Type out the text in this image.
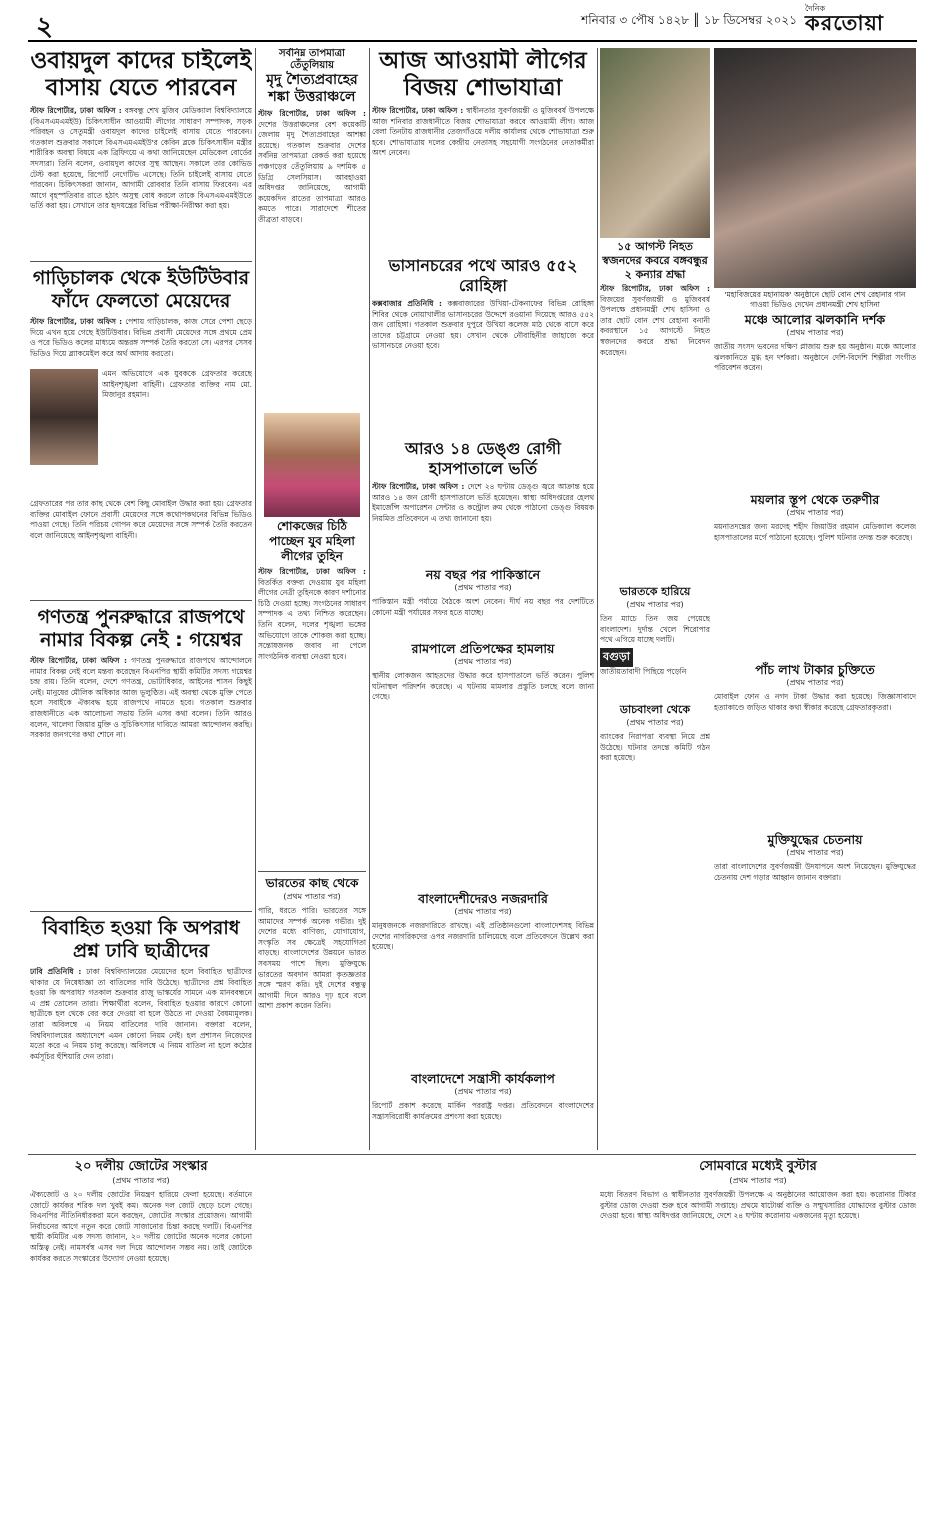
২	শনিবার ৩ পৌষ ১৪২৮ ║ ১৮ ডিসেম্বর ২০২১
দৈনিক
করতোয়া
ওবায়দুল কাদের চাইলেই বাসায় যেতে পারবেন

স্টাফ রিপোর্টার, ঢাকা অফিস : বঙ্গবন্ধু শেখ মুজিব মেডিক্যাল বিশ্ববিদ্যালয়ে (বিএসএমএমইউ) চিকিৎসাধীন আওয়ামী লীগের সাধারণ সম্পাদক, সড়ক পরিবহন ও সেতুমন্ত্রী ওবায়দুল কাদের চাইলেই বাসায় যেতে পারবেন। গতকাল শুক্রবার সকালে বিএসএমএমইউ'র কেবিন ব্লকে চিকিৎসাধীন মন্ত্রীর শারীরিক অবস্থা বিষয়ে এক ব্রিফিংয়ে এ কথা জানিয়েছেন মেডিকেল বোর্ডের সদস্যরা। তিনি বলেন, ওবায়দুল কাদের সুস্থ আছেন। সকালে তার কোভিড টেস্ট করা হয়েছে, রিপোর্ট নেগেটিভ এসেছে। তিনি চাইলেই বাসায় যেতে পারবেন। চিকিৎসকরা জানান, আগামী রোববার তিনি বাসায় ফিরবেন। এর আগে বৃহস্পতিবার রাতে হঠাৎ অসুস্থ বোধ করলে তাকে বিএসএমএমইউতে ভর্তি করা হয়। সেখানে তার হৃদযন্ত্রের বিভিন্ন পরীক্ষা-নিরীক্ষা করা হয়।

গাড়িচালক থেকে ইউটিউবার ফাঁদে ফেলতো মেয়েদের

স্টাফ রিপোর্টার, ঢাকা অফিস : পেশায় গাড়িচালক, কাজ সেরে পেশা ছেড়ে দিয়ে এখন হয়ে গেছে ইউটিউবার। বিভিন্ন প্রবাসী মেয়েদের সঙ্গে প্রথমে প্রেম ও পরে ভিডিও কলের মাধ্যমে অন্তরঙ্গ সম্পর্ক তৈরি করতো সে। এরপর সেসব ভিডিও দিয়ে ব্ল্যাকমেইল করে অর্থ আদায় করতো।

এমন অভিযোগে এক যুবককে গ্রেফতার করেছে আইনশৃঙ্খলা বাহিনী। গ্রেফতার ব্যক্তির নাম মো. মিজানুর রহমান।

গ্রেফতারের পর তার কাছ থেকে বেশ কিছু মোবাইল উদ্ধার করা হয়। গ্রেফতার ব্যক্তির মোবাইল ফোনে প্রবাসী মেয়েদের সঙ্গে কথোপকথনের বিভিন্ন ভিডিও পাওয়া গেছে। তিনি পরিচয় গোপন করে মেয়েদের সঙ্গে সম্পর্ক তৈরি করতেন বলে জানিয়েছে আইনশৃঙ্খলা বাহিনী।

গণতন্ত্র পুনরুদ্ধারে রাজপথে নামার বিকল্প নেই : গয়েশ্বর

স্টাফ রিপোর্টার, ঢাকা অফিস : গণতন্ত্র পুনরুদ্ধারে রাজপথে আন্দোলনে নামার বিকল্প নেই বলে মন্তব্য করেছেন বিএনপির স্থায়ী কমিটির সদস্য গয়েশ্বর চন্দ্র রায়। তিনি বলেন, দেশে গণতন্ত্র, ভোটাধিকার, আইনের শাসন কিছুই নেই। মানুষের মৌলিক অধিকার আজ ভূলুণ্ঠিত। এই অবস্থা থেকে মুক্তি পেতে হলে সবাইকে ঐক্যবদ্ধ হয়ে রাজপথে নামতে হবে। গতকাল শুক্রবার রাজধানীতে এক আলোচনা সভায় তিনি এসব কথা বলেন। তিনি আরও বলেন, খালেদা জিয়ার মুক্তি ও সুচিকিৎসার দাবিতে আমরা আন্দোলন করছি। সরকার জনগণের কথা শোনে না।

বিবাহিত হওয়া কি অপরাধ প্রশ্ন ঢাবি ছাত্রীদের

ঢাবি প্রতিনিধি : ঢাকা বিশ্ববিদ্যালয়ের মেয়েদের হলে বিবাহিত ছাত্রীদের থাকার যে নিষেধাজ্ঞা তা বাতিলের দাবি উঠেছে। ছাত্রীদের প্রশ্ন বিবাহিত হওয়া কি অপরাধ? গতকাল শুক্রবার রাজু ভাস্কর্যের সামনে এক মানববন্ধনে এ প্রশ্ন তোলেন তারা। শিক্ষার্থীরা বলেন, বিবাহিত হওয়ার কারণে কোনো ছাত্রীকে হল থেকে বের করে দেওয়া বা হলে উঠতে না দেওয়া বৈষম্যমূলক। তারা অবিলম্বে এ নিয়ম বাতিলের দাবি জানান। বক্তারা বলেন, বিশ্ববিদ্যালয়ের অধ্যাদেশে এমন কোনো নিয়ম নেই। হল প্রশাসন নিজেদের মতো করে এ নিয়ম চালু করেছে। অবিলম্বে এ নিয়ম বাতিল না হলে কঠোর কর্মসূচির হুঁশিয়ারি দেন তারা।

সর্বনিম্ন তাপমাত্রা তেঁতুলিয়ায়
মৃদু শৈত্যপ্রবাহের শঙ্কা উত্তরাঞ্চলে

স্টাফ রিপোর্টার, ঢাকা অফিস : দেশের উত্তরাঞ্চলের বেশ কয়েকটি জেলায় মৃদু শৈত্যপ্রবাহের আশঙ্কা রয়েছে। গতকাল শুক্রবার দেশের সর্বনিম্ন তাপমাত্রা রেকর্ড করা হয়েছে পঞ্চগড়ের তেঁতুলিয়ায় ৯ দশমিক ৫ ডিগ্রি সেলসিয়াস। আবহাওয়া অধিদপ্তর জানিয়েছে, আগামী কয়েকদিন রাতের তাপমাত্রা আরও কমতে পারে। সারাদেশে শীতের তীব্রতা বাড়বে।

শোকজের চিঠি পাচ্ছেন যুব মহিলা লীগের তুহিন

স্টাফ রিপোর্টার, ঢাকা অফিস : বিতর্কিত বক্তব্য দেওয়ায় যুব মহিলা লীগের নেত্রী তুহিনকে কারণ দর্শানোর চিঠি দেওয়া হচ্ছে। সংগঠনের সাধারণ সম্পাদক এ তথ্য নিশ্চিত করেছেন। তিনি বলেন, দলের শৃঙ্খলা ভঙ্গের অভিযোগে তাকে শোকজ করা হচ্ছে। সন্তোষজনক জবাব না পেলে সাংগঠনিক ব্যবস্থা নেওয়া হবে।

ভারতের কাছ থেকে
(প্রথম পাতার পর)

পারি, ধরতে পারি। ভারতের সঙ্গে আমাদের সম্পর্ক অনেক গভীর। দুই দেশের মধ্যে বাণিজ্য, যোগাযোগ, সংস্কৃতি সব ক্ষেত্রেই সহযোগিতা বাড়ছে। বাংলাদেশের উন্নয়নে ভারত সবসময় পাশে ছিল। মুক্তিযুদ্ধে ভারতের অবদান আমরা কৃতজ্ঞতার সঙ্গে স্মরণ করি। দুই দেশের বন্ধুত্ব আগামী দিনে আরও দৃঢ় হবে বলে আশা প্রকাশ করেন তিনি।

আজ আওয়ামী লীগের বিজয় শোভাযাত্রা

স্টাফ রিপোর্টার, ঢাকা অফিস : স্বাধীনতার সুবর্ণজয়ন্তী ও মুজিববর্ষ উপলক্ষে আজ শনিবার রাজধানীতে বিজয় শোভাযাত্রা করবে আওয়ামী লীগ। আজ বেলা তিনটায় রাজধানীর তেজগাঁওয়ে দলীয় কার্যালয় থেকে শোভাযাত্রা শুরু হবে। শোভাযাত্রায় দলের কেন্দ্রীয় নেতাসহ সহযোগী সংগঠনের নেতাকর্মীরা অংশ নেবেন।

ভাসানচরের পথে আরও ৫৫২ রোহিঙ্গা

কক্সবাজার প্রতিনিধি : কক্সবাজারের উখিয়া-টেকনাফের বিভিন্ন রোহিঙ্গা শিবির থেকে নোয়াখালীর ভাসানচরের উদ্দেশে রওয়ানা দিয়েছে আরও ৫৫২ জন রোহিঙ্গা। গতকাল শুক্রবার দুপুরে উখিয়া কলেজ মাঠ থেকে বাসে করে তাদের চট্টগ্রামে নেওয়া হয়। সেখান থেকে নৌবাহিনীর জাহাজে করে ভাসানচরে নেওয়া হবে।

আরও ১৪ ডেঙ্গু রোগী হাসপাতালে ভর্তি

স্টাফ রিপোর্টার, ঢাকা অফিস : দেশে ২৪ ঘণ্টায় ডেঙ্গু জ্বরে আক্রান্ত হয়ে আরও ১৪ জন রোগী হাসপাতালে ভর্তি হয়েছেন। স্বাস্থ্য অধিদপ্তরের হেলথ ইমার্জেন্সি অপারেশন সেন্টার ও কন্ট্রোল রুম থেকে পাঠানো ডেঙ্গু বিষয়ক নিয়মিত প্রতিবেদনে এ তথ্য জানানো হয়।

নয় বছর পর পাকিস্তানে
(প্রথম পাতার পর)

পাকিস্তান মন্ত্রী পর্যায়ে বৈঠকে অংশ নেবেন। দীর্ঘ নয় বছর পর দেশটিতে কোনো মন্ত্রী পর্যায়ের সফর হতে যাচ্ছে।

রামপালে প্রতিপক্ষের হামলায়
(প্রথম পাতার পর)

স্থানীয় লোকজন আহতদের উদ্ধার করে হাসপাতালে ভর্তি করেন। পুলিশ ঘটনাস্থল পরিদর্শন করেছে। এ ঘটনায় মামলার প্রস্তুতি চলছে বলে জানা গেছে।

বাংলাদেশীদেরও নজরদারি
(প্রথম পাতার পর)

মানুষজনকে নজরদারিতে রাখছে। এই প্রতিষ্ঠানগুলো বাংলাদেশসহ বিভিন্ন দেশের নাগরিকদের ওপর নজরদারি চালিয়েছে বলে প্রতিবেদনে উল্লেখ করা হয়েছে।

বাংলাদেশে সন্ত্রাসী কার্যকলাপ
(প্রথম পাতার পর)

রিপোর্ট প্রকাশ করেছে মার্কিন পররাষ্ট্র দপ্তর। প্রতিবেদনে বাংলাদেশের সন্ত্রাসবিরোধী কার্যক্রমের প্রশংসা করা হয়েছে।

১৫ আগস্ট নিহত স্বজনদের কবরে বঙ্গবন্ধুর ২ কন্যার শ্রদ্ধা

স্টাফ রিপোর্টার, ঢাকা অফিস : বিজয়ের সুবর্ণজয়ন্তী ও মুজিববর্ষ উপলক্ষে প্রধানমন্ত্রী শেখ হাসিনা ও তার ছোট বোন শেখ রেহানা বনানী কবরস্থানে ১৫ আগস্টে নিহত স্বজনদের কবরে শ্রদ্ধা নিবেদন করেছেন।

ভারতকে হারিয়ে
(প্রথম পাতার পর)

তিন ম্যাচে তিন জয় পেয়েছে বাংলাদেশ। দুর্দান্ত খেলে শিরোপার পথে এগিয়ে যাচ্ছে দলটি।

ডাচবাংলা থেকে
(প্রথম পাতার পর)

ব্যাংকের নিরাপত্তা ব্যবস্থা নিয়ে প্রশ্ন উঠেছে। ঘটনার তদন্তে কমিটি গঠন করা হয়েছে।

'মহাবিজয়ের মহানায়ক' অনুষ্ঠানে ছোট বোন শেখ রেহানার গান গাওয়া ভিডিও দেখেন প্রধানমন্ত্রী শেখ হাসিনা

মঞ্চে আলোর ঝলকানি দর্শক
(প্রথম পাতার পর)

জাতীয় সংসদ ভবনের দক্ষিণ প্লাজায় শুরু হয় অনুষ্ঠান। মঞ্চে আলোর ঝলকানিতে মুগ্ধ হন দর্শকরা। অনুষ্ঠানে দেশি-বিদেশি শিল্পীরা সংগীত পরিবেশন করেন।

ময়লার স্তূপ থেকে তরুণীর
(প্রথম পাতার পর)

ময়নাতদন্তের জন্য মরদেহ শহীদ জিয়াউর রহমান মেডিক্যাল কলেজ হাসপাতালের মর্গে পাঠানো হয়েছে। পুলিশ ঘটনার তদন্ত শুরু করেছে।

পাঁচ লাখ টাকার চুক্তিতে
(প্রথম পাতার পর)

মোবাইল ফোন ও নগদ টাকা উদ্ধার করা হয়েছে। জিজ্ঞাসাবাদে হত্যাকাণ্ডে জড়িত থাকার কথা স্বীকার করেছে গ্রেফতারকৃতরা।

মুক্তিযুদ্ধের চেতনায়
(প্রথম পাতার পর)

তারা বাংলাদেশের সুবর্ণজয়ন্তী উদযাপনে অংশ নিয়েছেন। মুক্তিযুদ্ধের চেতনায় দেশ গড়ার আহ্বান জানান বক্তারা।

বগুড়া
জাতীয়তাবাদী পিছিয়ে পড়েনি
২০ দলীয় জোটের সংস্কার
(প্রথম পাতার পর)

ঐক্যজোট ও ২০ দলীয় জোটের নিয়ন্ত্রণ হারিয়ে ফেলা হয়েছে। বর্তমানে জোটে কার্যকর শরিক দল খুবই কম। অনেক দল জোট ছেড়ে চলে গেছে। বিএনপির নীতিনির্ধারকরা মনে করছেন, জোটের সংস্কার প্রয়োজন। আগামী নির্বাচনের আগে নতুন করে জোট সাজানোর চিন্তা করছে দলটি। বিএনপির স্থায়ী কমিটির এক সদস্য জানান, ২০ দলীয় জোটের অনেক দলের কোনো অস্তিত্ব নেই। নামসর্বস্ব এসব দল দিয়ে আন্দোলন সম্ভব নয়। তাই জোটকে কার্যকর করতে সংস্কারের উদ্যোগ নেওয়া হয়েছে।

সোমবারে মধ্যেই বুস্টার
(প্রথম পাতার পর)

মধ্যে বিতরণ বিভাগ ও স্বাধীনতার সুবর্ণজয়ন্তী উপলক্ষে এ অনুষ্ঠানের আয়োজন করা হয়। করোনার টিকার বুস্টার ডোজ দেওয়া শুরু হবে আগামী সপ্তাহে। প্রথমে ষাটোর্ধ্ব ব্যক্তি ও সম্মুখসারির যোদ্ধাদের বুস্টার ডোজ দেওয়া হবে। স্বাস্থ্য অধিদপ্তর জানিয়েছে, দেশে ২৪ ঘণ্টায় করোনায় একজনের মৃত্যু হয়েছে।
